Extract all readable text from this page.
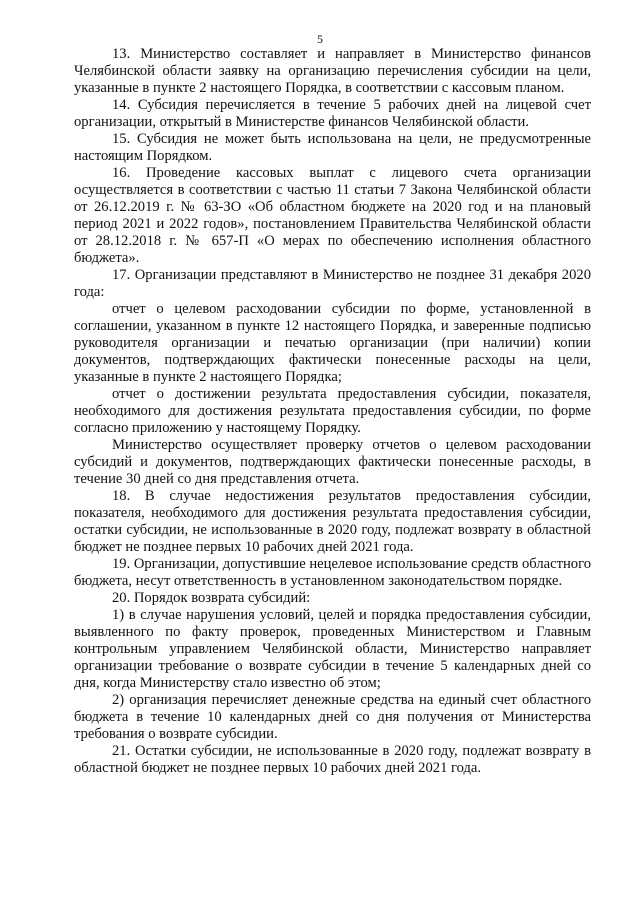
5

13. Министерство составляет и направляет в Министерство финансов Челябинской области заявку на организацию перечисления субсидии на цели, указанные в пункте 2 настоящего Порядка, в соответствии с кассовым планом.

14. Субсидия перечисляется в течение 5 рабочих дней на лицевой счет организации, открытый в Министерстве финансов Челябинской области.

15. Субсидия не может быть использована на цели, не предусмотренные настоящим Порядком.

16. Проведение кассовых выплат с лицевого счета организации осуществляется в соответствии с частью 11 статьи 7 Закона Челябинской области от 26.12.2019 г. № 63-ЗО «Об областном бюджете на 2020 год и на плановый период 2021 и 2022 годов», постановлением Правительства Челябинской области от 28.12.2018 г. № 657-П «О мерах по обеспечению исполнения областного бюджета».

17. Организации представляют в Министерство не позднее 31 декабря 2020 года:

отчет о целевом расходовании субсидии по форме, установленной в соглашении, указанном в пункте 12 настоящего Порядка, и заверенные подписью руководителя организации и печатью организации (при наличии) копии документов, подтверждающих фактически понесенные расходы на цели, указанные в пункте 2 настоящего Порядка;

отчет о достижении результата предоставления субсидии, показателя, необходимого для достижения результата предоставления субсидии, по форме согласно приложению у настоящему Порядку.

Министерство осуществляет проверку отчетов о целевом расходовании субсидий и документов, подтверждающих фактически понесенные расходы, в течение 30 дней со дня представления отчета.

18. В случае недостижения результатов предоставления субсидии, показателя, необходимого для достижения результата предоставления субсидии, остатки субсидии, не использованные в 2020 году, подлежат возврату в областной бюджет не позднее первых 10 рабочих дней 2021 года.

19. Организации, допустившие нецелевое использование средств областного бюджета, несут ответственность в установленном законодательством порядке.

20. Порядок возврата субсидий:

1) в случае нарушения условий, целей и порядка предоставления субсидии, выявленного по факту проверок, проведенных Министерством и Главным контрольным управлением Челябинской области, Министерство направляет организации требование о возврате субсидии в течение 5 календарных дней со дня, когда Министерству стало известно об этом;

2) организация перечисляет денежные средства на единый счет областного бюджета в течение 10 календарных дней со дня получения от Министерства требования о возврате субсидии.

21. Остатки субсидии, не использованные в 2020 году, подлежат возврату в областной бюджет не позднее первых 10 рабочих дней 2021 года.
